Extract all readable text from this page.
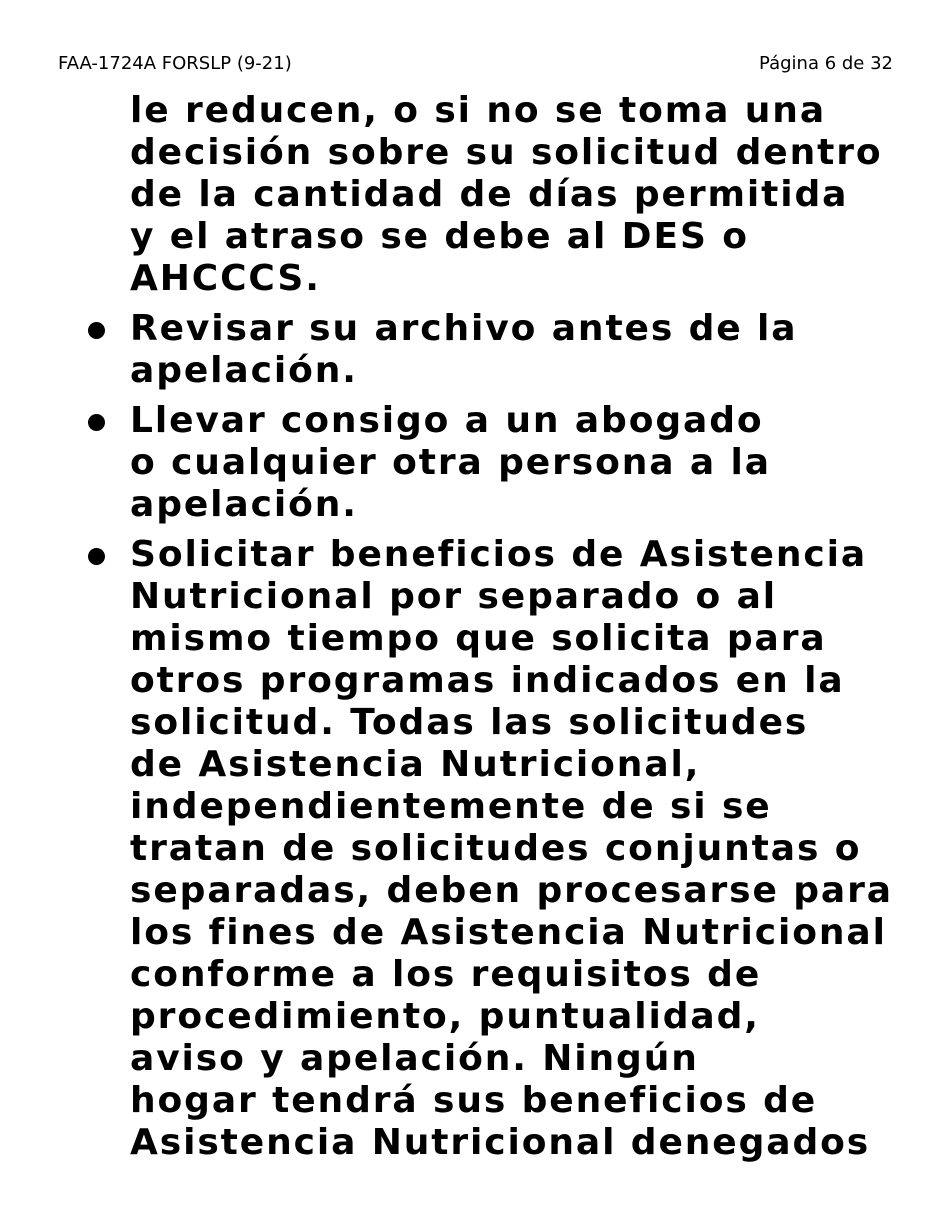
FAA-1724A FORSLP (9-21)	Página 6 de 32
le reducen, o si no se toma una
decisión sobre su solicitud dentro
de la cantidad de días permitida
y el atraso se debe al DES o
AHCCCS.
Revisar su archivo antes de la
apelación.
Llevar consigo a un abogado
o cualquier otra persona a la
apelación.
Solicitar beneficios de Asistencia
Nutricional por separado o al
mismo tiempo que solicita para
otros programas indicados en la
solicitud. Todas las solicitudes
de Asistencia Nutricional,
independientemente de si se
tratan de solicitudes conjuntas o
separadas, deben procesarse para
los fines de Asistencia Nutricional
conforme a los requisitos de
procedimiento, puntualidad,
aviso y apelación. Ningún
hogar tendrá sus beneficios de
Asistencia Nutricional denegados
